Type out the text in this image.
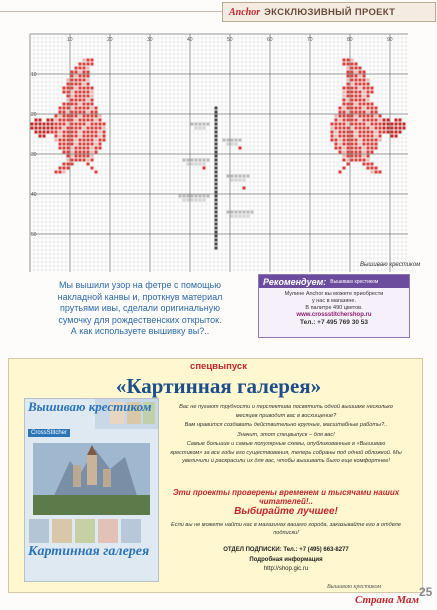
Anchor ЭКСКЛЮЗИВНЫЙ ПРОЕКТ
10	20	30	40	50	60	70	80	90
10
20
30
40
50
Вышиваю крестиком
Мы вышили узор на фетре с помощью
накладной канвы и, проткнув материал
прутьями ивы, сделали оригинальную
сумочку для рождественских открыток.
А как используете вышивку вы?..
Рекомендуем: Вышиваю крестиком
Мулине Anchor вы можете приобрести
у нас в магазине.
В палитре 490 цветов.
www.crossstitchershop.ru
Тел.: +7 495 769 30 53
спецвыпуск
«Картинная галерея»
Вышиваю крестиком
CrossStitcher
Картинная галерея

Вас не пугают трудности и перспектива посвятить одной вышивке несколько месяцев приводит вас в восхищение?

Вам нравится создавать действительно крупные, масштабные работы?..

Значит, этот спецвыпуск – для вас!

Самые большие и самые популярные схемы, опубликованные в «Вышиваю крестиком» за все годы его существования, теперь собраны под одной обложкой. Мы увеличили и раскрасили их для вас, чтобы вышивать было еще комфортнее!

Эти проекты проверены временем и тысячами наших читателей!..
Выбирайте лучшее!
Если вы не можете найти нас в магазинах вашего города, заказывайте его в отделе подписки!
ОТДЕЛ ПОДПИСКИ: Тел.: +7 (495) 663-8277
Подробная информация
http://shop.gic.ru
Вышиваю крестиком	25
Страна Мам
